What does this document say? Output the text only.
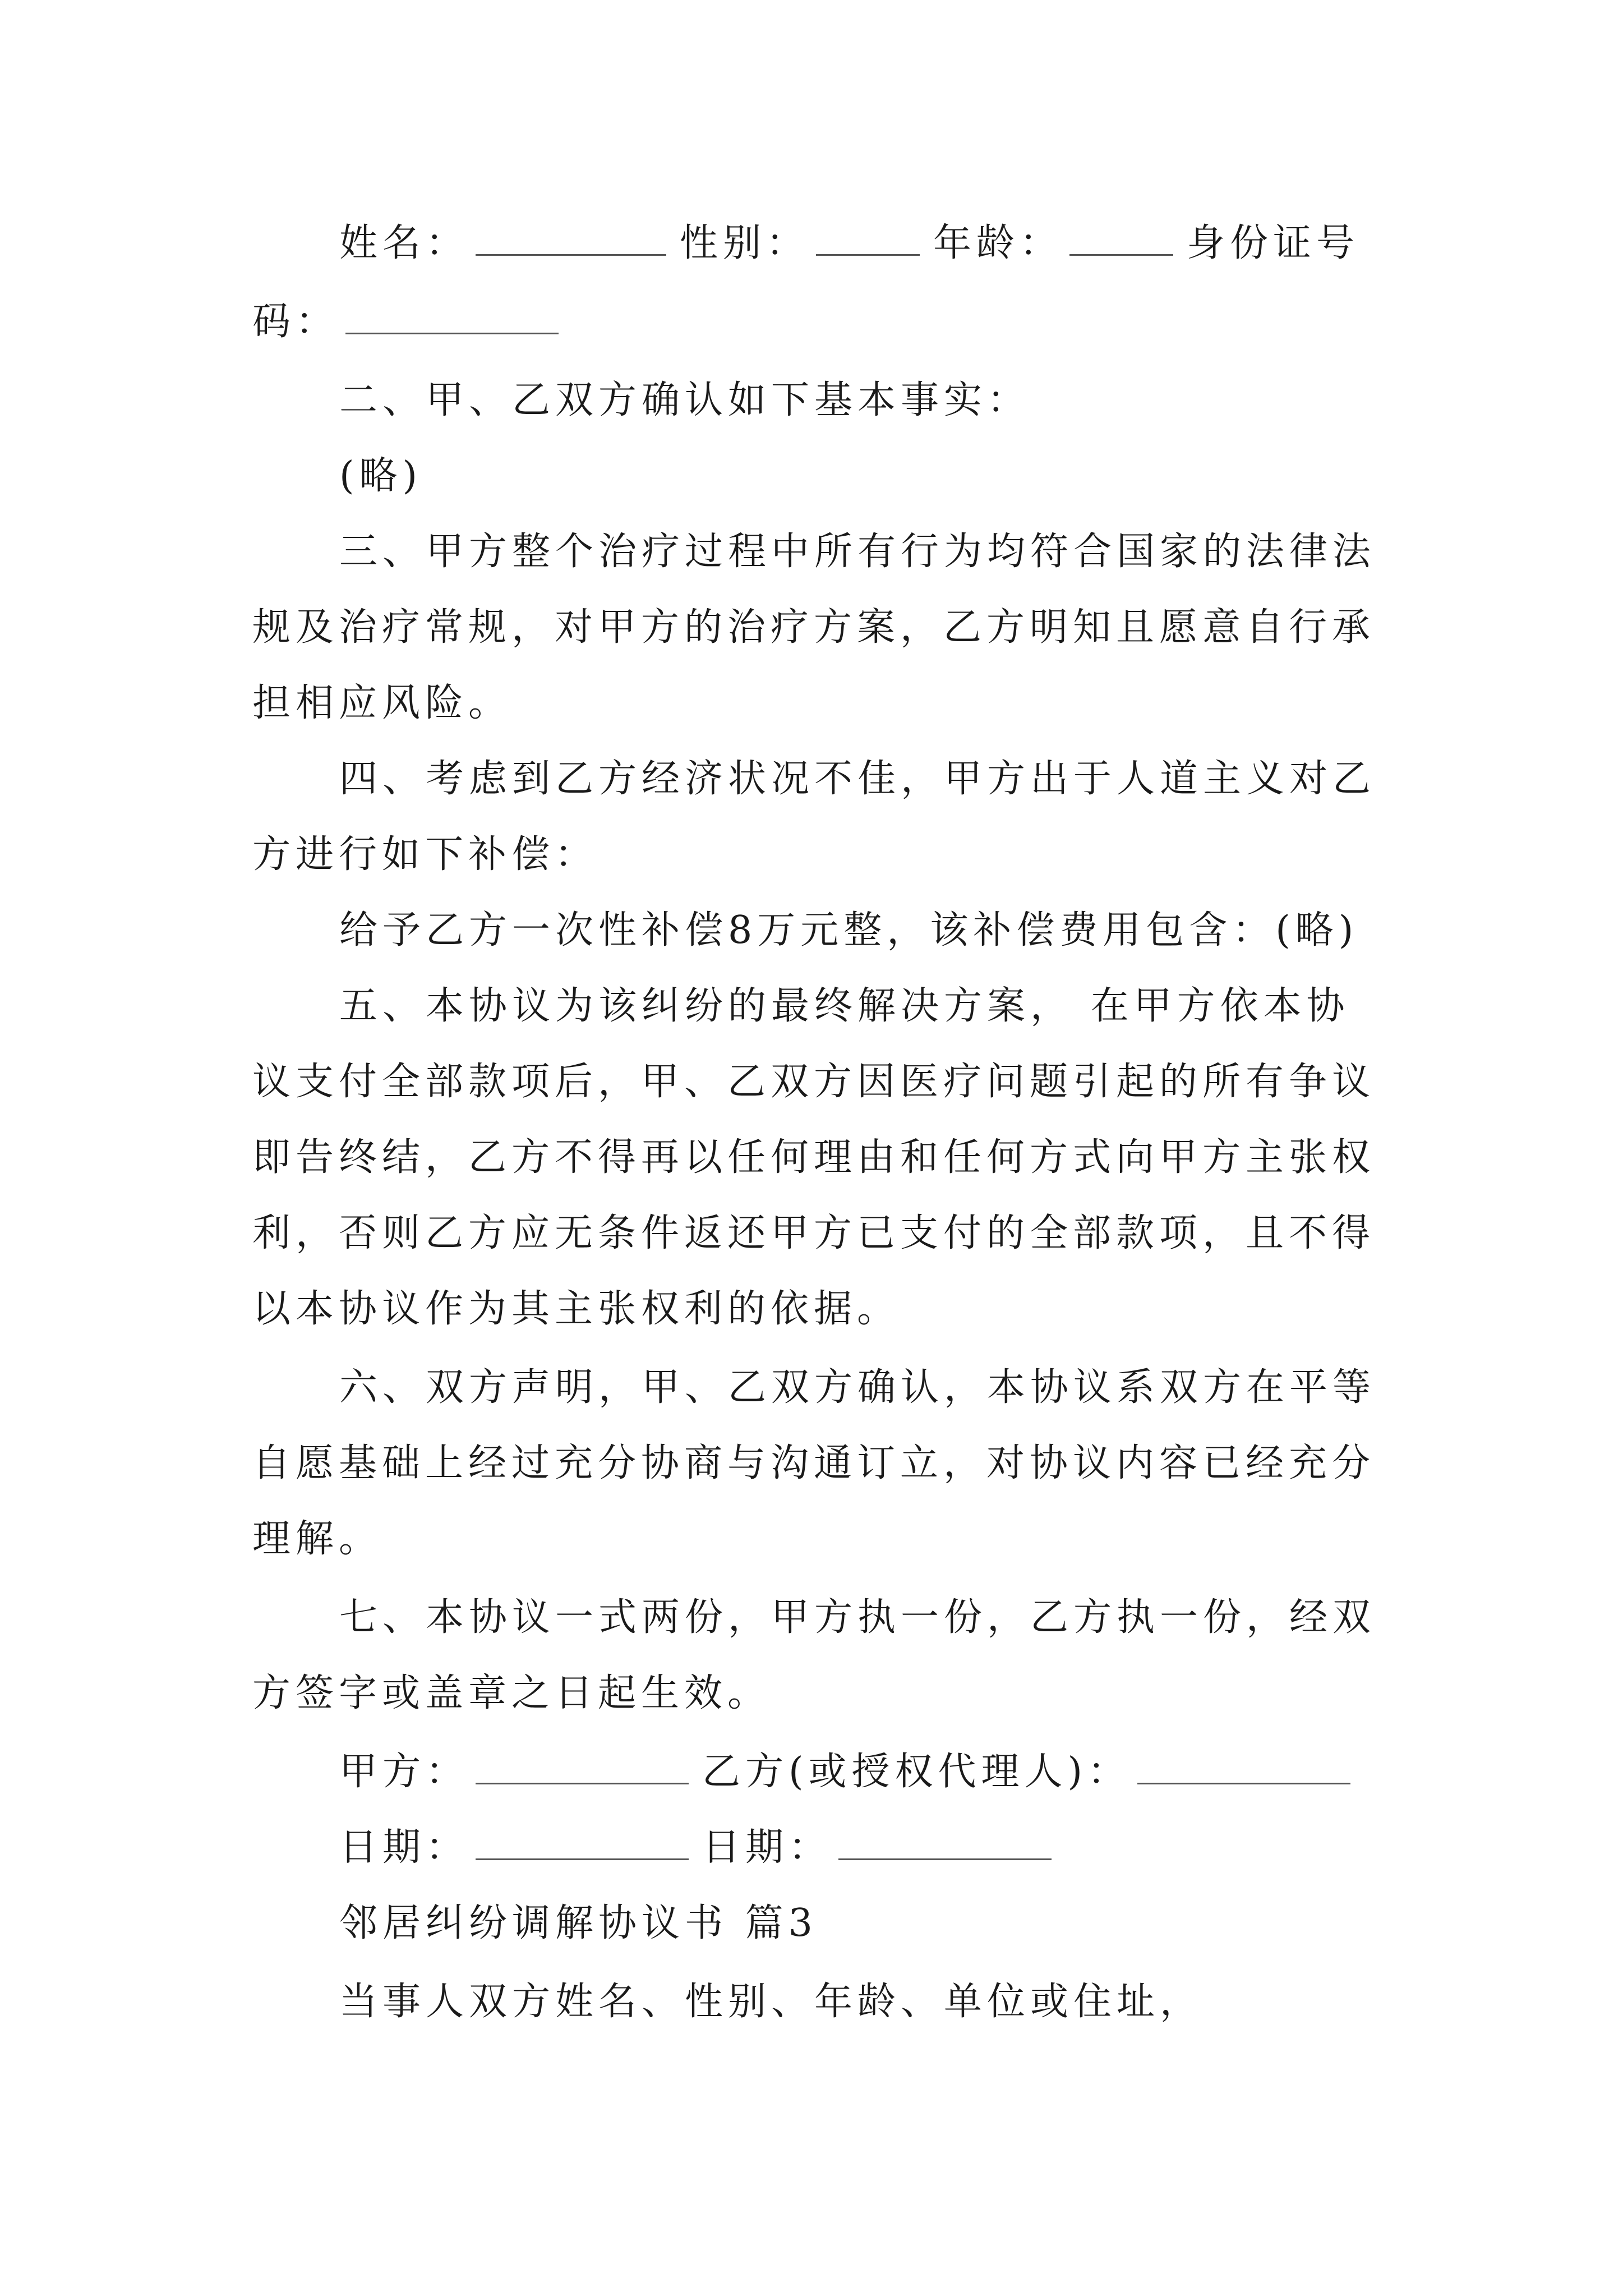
姓名：	性别：	年龄：	身份证号
码：
二、甲、乙双方确认如下基本事实：
(略)
三、甲方整个治疗过程中所有行为均符合国家的法律法
规及治疗常规，对甲方的治疗方案，乙方明知且愿意自行承
担相应风险。
四、考虑到乙方经济状况不佳，甲方出于人道主义对乙
方进行如下补偿：
给予乙方一次性补偿8万元整，该补偿费用包含：(略)
五、本协议为该纠纷的最终解决方案， 在甲方依本协
议支付全部款项后，甲、乙双方因医疗问题引起的所有争议
即告终结，乙方不得再以任何理由和任何方式向甲方主张权
利，否则乙方应无条件返还甲方已支付的全部款项，且不得
以本协议作为其主张权利的依据。
六、双方声明，甲、乙双方确认，本协议系双方在平等
自愿基础上经过充分协商与沟通订立，对协议内容已经充分
理解。
七、本协议一式两份，甲方执一份，乙方执一份，经双
方签字或盖章之日起生效。
甲方：	乙方(或授权代理人)：
日期：	日期：
邻居纠纷调解协议书 篇3
当事人双方姓名、性别、年龄、单位或住址，
